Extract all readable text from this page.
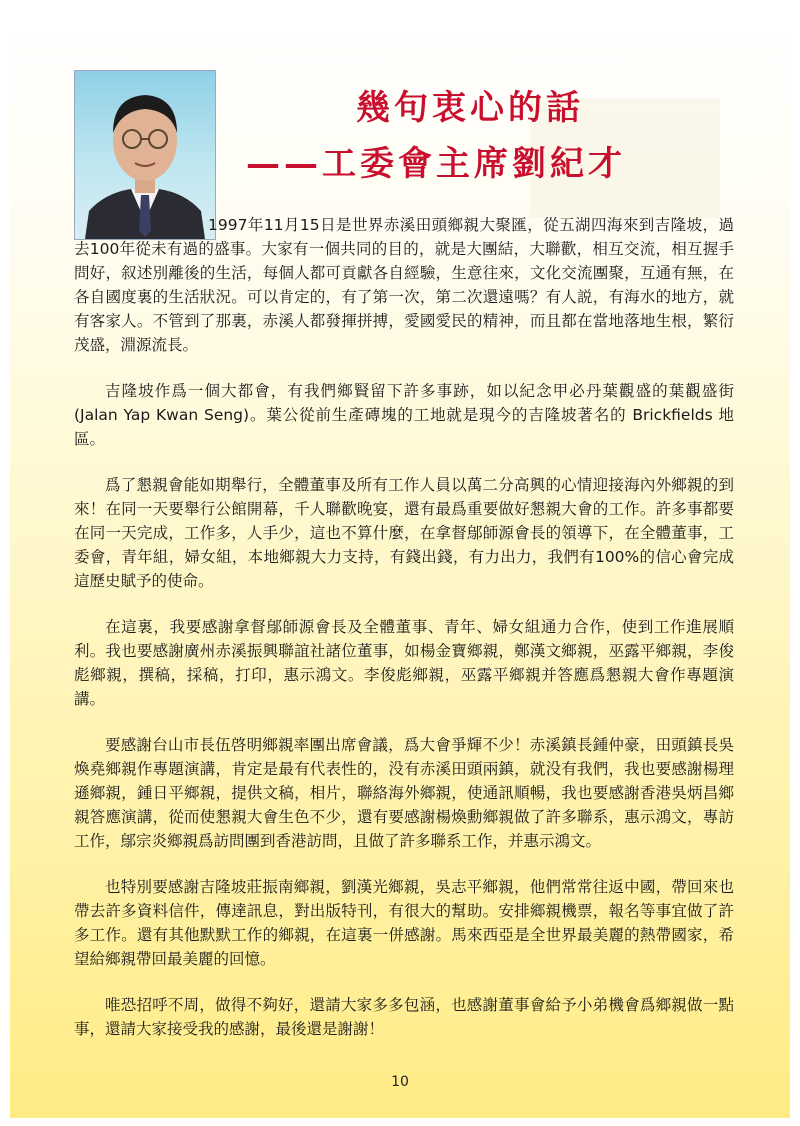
幾句衷心的話
——工委會主席劉紀才

1997年11月15日是世界赤溪田頭鄉親大聚匯，從五湖四海來到吉隆坡，過去100年從未有過的盛事。大家有一個共同的目的，就是大團結，大聯歡，相互交流，相互握手問好，叙述別離後的生活，每個人都可貢獻各自經驗，生意往來，文化交流團聚，互通有無，在各自國度裏的生活狀況。可以肯定的，有了第一次，第二次還遠嗎？有人説，有海水的地方，就有客家人。不管到了那裏，赤溪人都發揮拼搏，愛國愛民的精神，而且都在當地落地生根，繁衍茂盛，淵源流長。

吉隆坡作爲一個大都會，有我們鄉賢留下許多事跡，如以紀念甲必丹葉觀盛的葉觀盛街(Jalan Yap Kwan Seng)。葉公從前生產磚塊的工地就是現今的吉隆坡著名的 Brickfields 地區。

爲了懇親會能如期舉行，全體董事及所有工作人員以萬二分高興的心情迎接海內外鄉親的到來！在同一天要舉行公館開幕，千人聯歡晚宴，還有最爲重要做好懇親大會的工作。許多事都要在同一天完成，工作多，人手少，這也不算什麼，在拿督鄔師源會長的領導下，在全體董事，工委會，青年組，婦女組，本地鄉親大力支持，有錢出錢，有力出力，我們有100%的信心會完成這歷史賦予的使命。

在這裏，我要感謝拿督鄔師源會長及全體董事、青年、婦女組通力合作，使到工作進展順利。我也要感謝廣州赤溪振興聯誼社諸位董事，如楊金寶鄉親，鄭漢文鄉親，巫露平鄉親，李俊彪鄉親，撰稿，採稿，打印，惠示鴻文。李俊彪鄉親，巫露平鄉親并答應爲懇親大會作專題演講。

要感謝台山市長伍啓明鄉親率團出席會議，爲大會爭輝不少！赤溪鎮長鍾仲豪，田頭鎮長吳煥堯鄉親作專題演講，肯定是最有代表性的，没有赤溪田頭兩鎮，就没有我們，我也要感謝楊理遜鄉親，鍾日平鄉親，提供文稿，相片，聯絡海外鄉親，使通訊順暢，我也要感謝香港吳炳昌鄉親答應演講，從而使懇親大會生色不少，還有要感謝楊煥勳鄉親做了許多聯系，惠示鴻文，專訪工作，鄔宗炎鄉親爲訪問團到香港訪問，且做了許多聯系工作，并惠示鴻文。

也特別要感謝吉隆坡莊振南鄉親，劉漢光鄉親，吳志平鄉親，他們常常往返中國，帶回來也帶去許多資料信件，傳達訊息，對出版特刊，有很大的幫助。安排鄉親機票，報名等事宜做了許多工作。還有其他默默工作的鄉親，在這裏一併感謝。馬來西亞是全世界最美麗的熱帶國家，希望給鄉親帶回最美麗的回憶。

唯恐招呼不周，做得不夠好，還請大家多多包涵，也感謝董事會給予小弟機會爲鄉親做一點事，還請大家接受我的感謝，最後還是謝謝！

10
